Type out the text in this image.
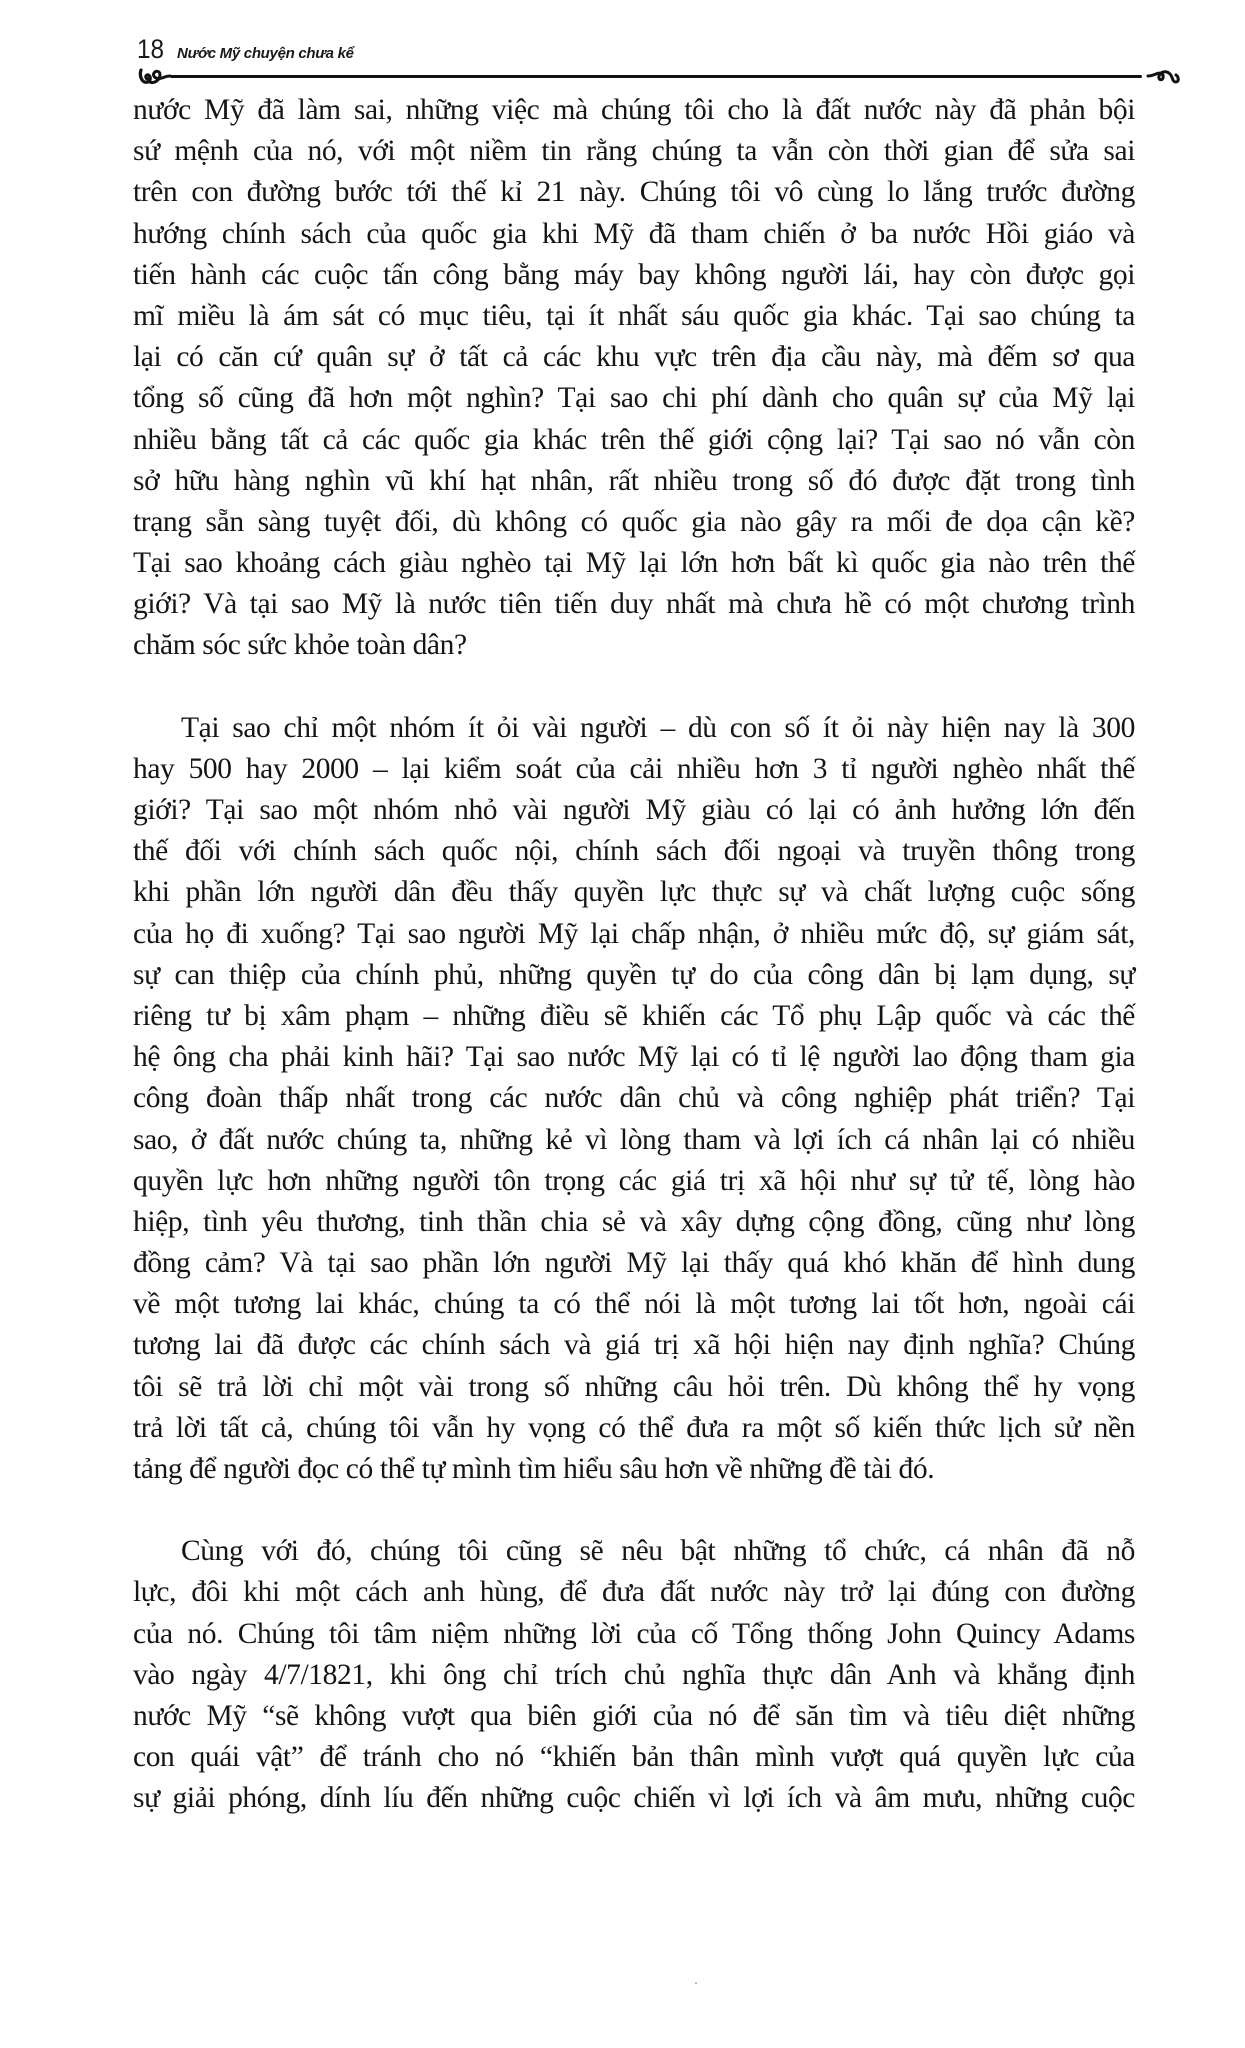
18 Nước Mỹ chuyện chưa kể
nước Mỹ đã làm sai, những việc mà chúng tôi cho là đất nước này đã phản bội
sứ mệnh của nó, với một niềm tin rằng chúng ta vẫn còn thời gian để sửa sai
trên con đường bước tới thế kỉ 21 này. Chúng tôi vô cùng lo lắng trước đường
hướng chính sách của quốc gia khi Mỹ đã tham chiến ở ba nước Hồi giáo và
tiến hành các cuộc tấn công bằng máy bay không người lái, hay còn được gọi
mĩ miều là ám sát có mục tiêu, tại ít nhất sáu quốc gia khác. Tại sao chúng ta
lại có căn cứ quân sự ở tất cả các khu vực trên địa cầu này, mà đếm sơ qua
tổng số cũng đã hơn một nghìn? Tại sao chi phí dành cho quân sự của Mỹ lại
nhiều bằng tất cả các quốc gia khác trên thế giới cộng lại? Tại sao nó vẫn còn
sở hữu hàng nghìn vũ khí hạt nhân, rất nhiều trong số đó được đặt trong tình
trạng sẵn sàng tuyệt đối, dù không có quốc gia nào gây ra mối đe dọa cận kề?
Tại sao khoảng cách giàu nghèo tại Mỹ lại lớn hơn bất kì quốc gia nào trên thế
giới? Và tại sao Mỹ là nước tiên tiến duy nhất mà chưa hề có một chương trình
chăm sóc sức khỏe toàn dân?
Tại sao chỉ một nhóm ít ỏi vài người – dù con số ít ỏi này hiện nay là 300
hay 500 hay 2000 – lại kiểm soát của cải nhiều hơn 3 tỉ người nghèo nhất thế
giới? Tại sao một nhóm nhỏ vài người Mỹ giàu có lại có ảnh hưởng lớn đến
thế đối với chính sách quốc nội, chính sách đối ngoại và truyền thông trong
khi phần lớn người dân đều thấy quyền lực thực sự và chất lượng cuộc sống
của họ đi xuống? Tại sao người Mỹ lại chấp nhận, ở nhiều mức độ, sự giám sát,
sự can thiệp của chính phủ, những quyền tự do của công dân bị lạm dụng, sự
riêng tư bị xâm phạm – những điều sẽ khiến các Tổ phụ Lập quốc và các thế
hệ ông cha phải kinh hãi? Tại sao nước Mỹ lại có tỉ lệ người lao động tham gia
công đoàn thấp nhất trong các nước dân chủ và công nghiệp phát triển? Tại
sao, ở đất nước chúng ta, những kẻ vì lòng tham và lợi ích cá nhân lại có nhiều
quyền lực hơn những người tôn trọng các giá trị xã hội như sự tử tế, lòng hào
hiệp, tình yêu thương, tinh thần chia sẻ và xây dựng cộng đồng, cũng như lòng
đồng cảm? Và tại sao phần lớn người Mỹ lại thấy quá khó khăn để hình dung
về một tương lai khác, chúng ta có thể nói là một tương lai tốt hơn, ngoài cái
tương lai đã được các chính sách và giá trị xã hội hiện nay định nghĩa? Chúng
tôi sẽ trả lời chỉ một vài trong số những câu hỏi trên. Dù không thể hy vọng
trả lời tất cả, chúng tôi vẫn hy vọng có thể đưa ra một số kiến thức lịch sử nền
tảng để người đọc có thể tự mình tìm hiểu sâu hơn về những đề tài đó.
Cùng với đó, chúng tôi cũng sẽ nêu bật những tổ chức, cá nhân đã nỗ
lực, đôi khi một cách anh hùng, để đưa đất nước này trở lại đúng con đường
của nó. Chúng tôi tâm niệm những lời của cố Tổng thống John Quincy Adams
vào ngày 4/7/1821, khi ông chỉ trích chủ nghĩa thực dân Anh và khẳng định
nước Mỹ “sẽ không vượt qua biên giới của nó để săn tìm và tiêu diệt những
con quái vật” để tránh cho nó “khiến bản thân mình vượt quá quyền lực của
sự giải phóng, dính líu đến những cuộc chiến vì lợi ích và âm mưu, những cuộc
